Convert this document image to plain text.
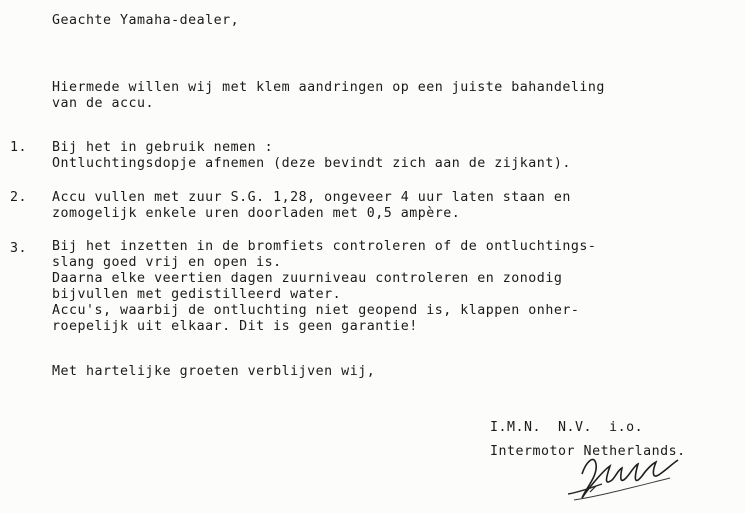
Geachte Yamaha-dealer,
Hiermede willen wij met klem aandringen op een juiste bahandeling
van de accu.
1. Bij het in gebruik nemen :
Ontluchtingsdopje afnemen (deze bevindt zich aan de zijkant).
2. Accu vullen met zuur S.G. 1,28, ongeveer 4 uur laten staan en
zomogelijk enkele uren doorladen met 0,5 ampère.
3. Bij het inzetten in de bromfiets controleren of de ontluchtings-
slang goed vrij en open is.
Daarna elke veertien dagen zuurniveau controleren en zonodig
bijvullen met gedistilleerd water.
Accu's, waarbij de ontluchting niet geopend is, klappen onher-
roepelijk uit elkaar. Dit is geen garantie!
Met hartelijke groeten verblijven wij,
I.M.N.  N.V.  i.o.
Intermotor Netherlands.
